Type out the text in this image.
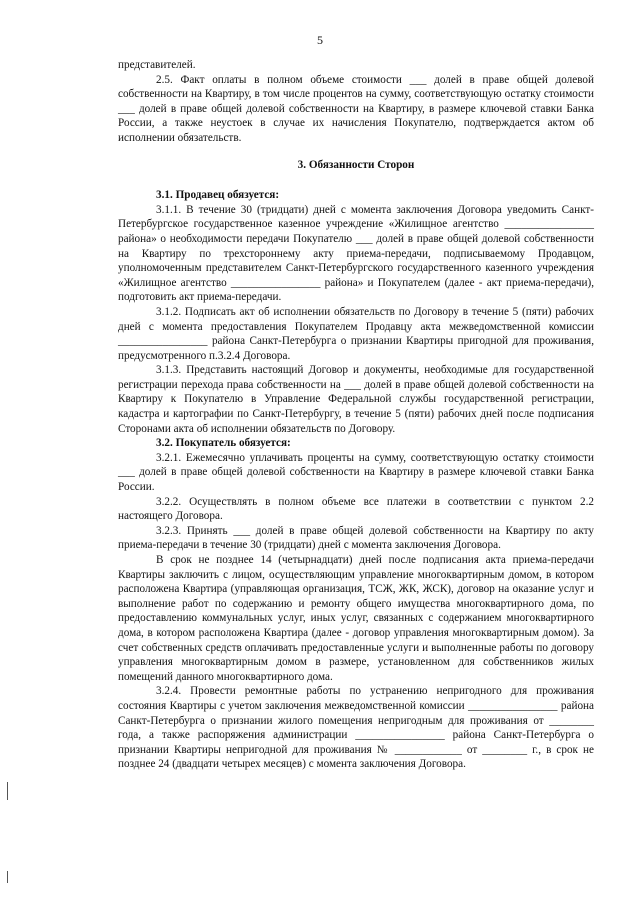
5

представителей.

2.5. Факт оплаты в полном объеме стоимости ___ долей в праве общей долевой собственности на Квартиру, в том числе процентов на сумму, соответствующую остатку стоимости ___ долей в праве общей долевой собственности на Квартиру, в размере ключевой ставки Банка России, а также неустоек в случае их начисления Покупателю, подтверждается актом об исполнении обязательств.

3. Обязанности Сторон

3.1. Продавец обязуется:

3.1.1. В течение 30 (тридцати) дней с момента заключения Договора уведомить Санкт-Петербургское государственное казенное учреждение «Жилищное агентство ________________ района» о необходимости передачи Покупателю ___ долей в праве общей долевой собственности на Квартиру по трехстороннему акту приема-передачи, подписываемому Продавцом, уполномоченным представителем Санкт-Петербургского государственного казенного учреждения «Жилищное агентство ________________ района» и Покупателем (далее - акт приема-передачи), подготовить акт приема-передачи.

3.1.2. Подписать акт об исполнении обязательств по Договору в течение 5 (пяти) рабочих дней с момента предоставления Покупателем Продавцу акта межведомственной комиссии ________________ района Санкт-Петербурга о признании Квартиры пригодной для проживания, предусмотренного п.3.2.4 Договора.

3.1.3. Представить настоящий Договор и документы, необходимые для государственной регистрации перехода права собственности на ___ долей в праве общей долевой собственности на Квартиру к Покупателю в Управление Федеральной службы государственной регистрации, кадастра и картографии по Санкт-Петербургу, в течение 5 (пяти) рабочих дней после подписания Сторонами акта об исполнении обязательств по Договору.

3.2. Покупатель обязуется:

3.2.1. Ежемесячно уплачивать проценты на сумму, соответствующую остатку стоимости ___ долей в праве общей долевой собственности на Квартиру в размере ключевой ставки Банка России.

3.2.2. Осуществлять в полном объеме все платежи в соответствии с пунктом 2.2 настоящего Договора.

3.2.3. Принять ___ долей в праве общей долевой собственности на Квартиру по акту приема-передачи в течение 30 (тридцати) дней с момента заключения Договора.

В срок не позднее 14 (четырнадцати) дней после подписания акта приема-передачи Квартиры заключить с лицом, осуществляющим управление многоквартирным домом, в котором расположена Квартира (управляющая организация, ТСЖ, ЖК, ЖСК), договор на оказание услуг и выполнение работ по содержанию и ремонту общего имущества многоквартирного дома, по предоставлению коммунальных услуг, иных услуг, связанных с содержанием многоквартирного дома, в котором расположена Квартира (далее - договор управления многоквартирным домом). За счет собственных средств оплачивать предоставленные услуги и выполненные работы по договору управления многоквартирным домом в размере, установленном для собственников жилых помещений данного многоквартирного дома.

3.2.4. Провести ремонтные работы по устранению непригодного для проживания состояния Квартиры с учетом заключения межведомственной комиссии ________________ района Санкт-Петербурга о признании жилого помещения непригодным для проживания от ________ года, а также распоряжения администрации ________________ района Санкт-Петербурга о признании Квартиры непригодной для проживания № ____________ от ________ г., в срок не позднее 24 (двадцати четырех месяцев) с момента заключения Договора.
